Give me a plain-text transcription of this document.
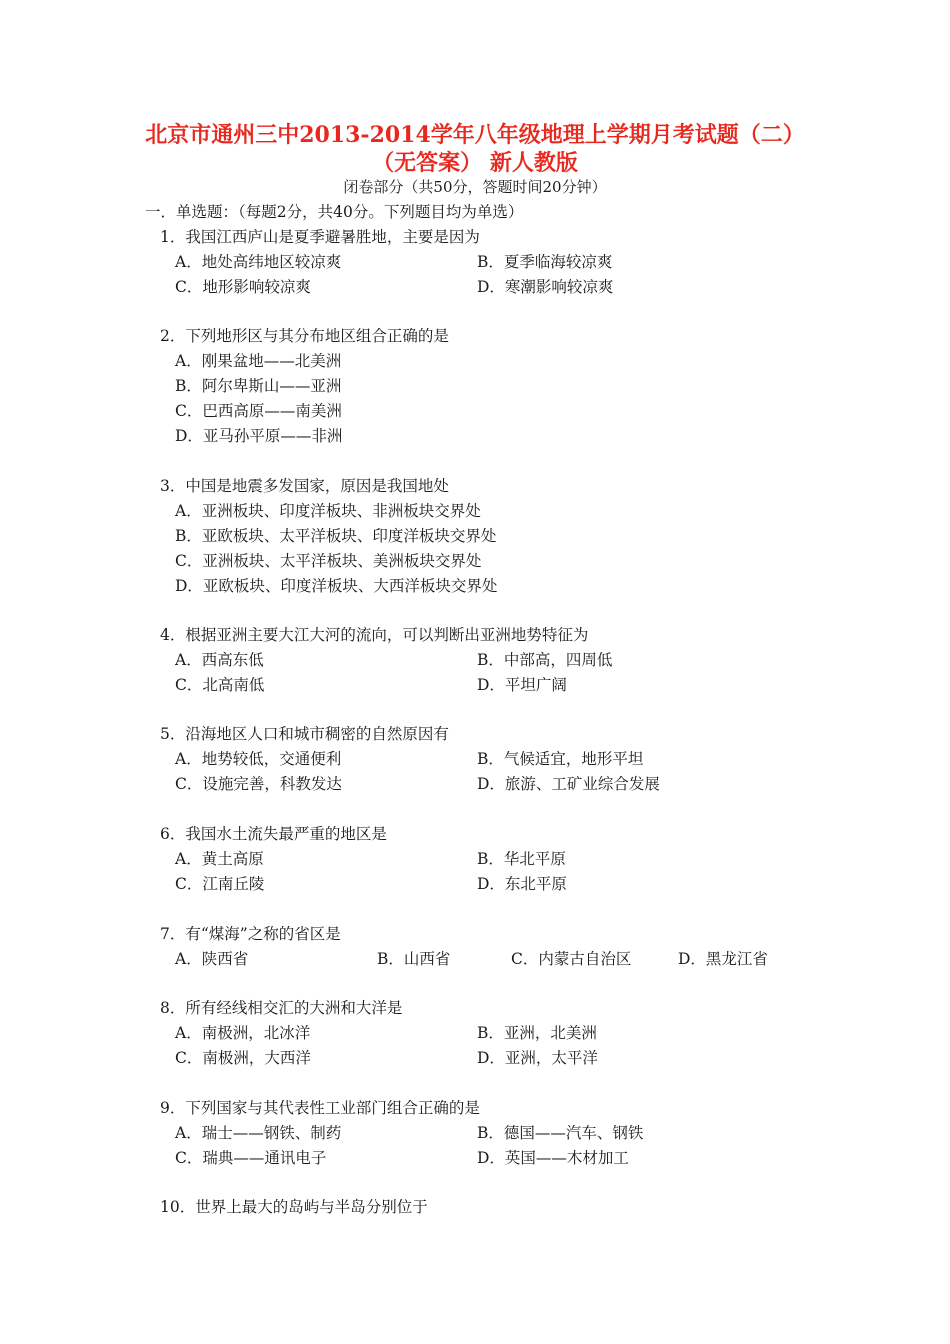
北京市通州三中2013-2014学年八年级地理上学期月考试题（二）
（无答案） 新人教版
闭卷部分（共50分，答题时间20分钟）
一．单选题：（每题2分，共40分。下列题目均为单选）
1．我国江西庐山是夏季避暑胜地，主要是因为
A．地处高纬地区较凉爽	B．夏季临海较凉爽
C．地形影响较凉爽	D．寒潮影响较凉爽
2．下列地形区与其分布地区组合正确的是
A．刚果盆地——北美洲
B．阿尔卑斯山——亚洲
C．巴西高原——南美洲
D．亚马孙平原——非洲
3．中国是地震多发国家，原因是我国地处
A．亚洲板块、印度洋板块、非洲板块交界处
B．亚欧板块、太平洋板块、印度洋板块交界处
C．亚洲板块、太平洋板块、美洲板块交界处
D．亚欧板块、印度洋板块、大西洋板块交界处
4．根据亚洲主要大江大河的流向，可以判断出亚洲地势特征为
A．西高东低	B．中部高，四周低
C．北高南低	D．平坦广阔
5．沿海地区人口和城市稠密的自然原因有
A．地势较低，交通便利	B．气候适宜，地形平坦
C．设施完善，科教发达	D．旅游、工矿业综合发展
6．我国水土流失最严重的地区是
A．黄土高原	B．华北平原
C．江南丘陵	D．东北平原
7．有“煤海”之称的省区是
A．陕西省	B．山西省	C．内蒙古自治区	D．黑龙江省
8．所有经线相交汇的大洲和大洋是
A．南极洲，北冰洋	B．亚洲，北美洲
C．南极洲，大西洋	D．亚洲，太平洋
9．下列国家与其代表性工业部门组合正确的是
A．瑞士——钢铁、制药	B．德国——汽车、钢铁
C．瑞典——通讯电子	D．英国——木材加工
10．世界上最大的岛屿与半岛分别位于
